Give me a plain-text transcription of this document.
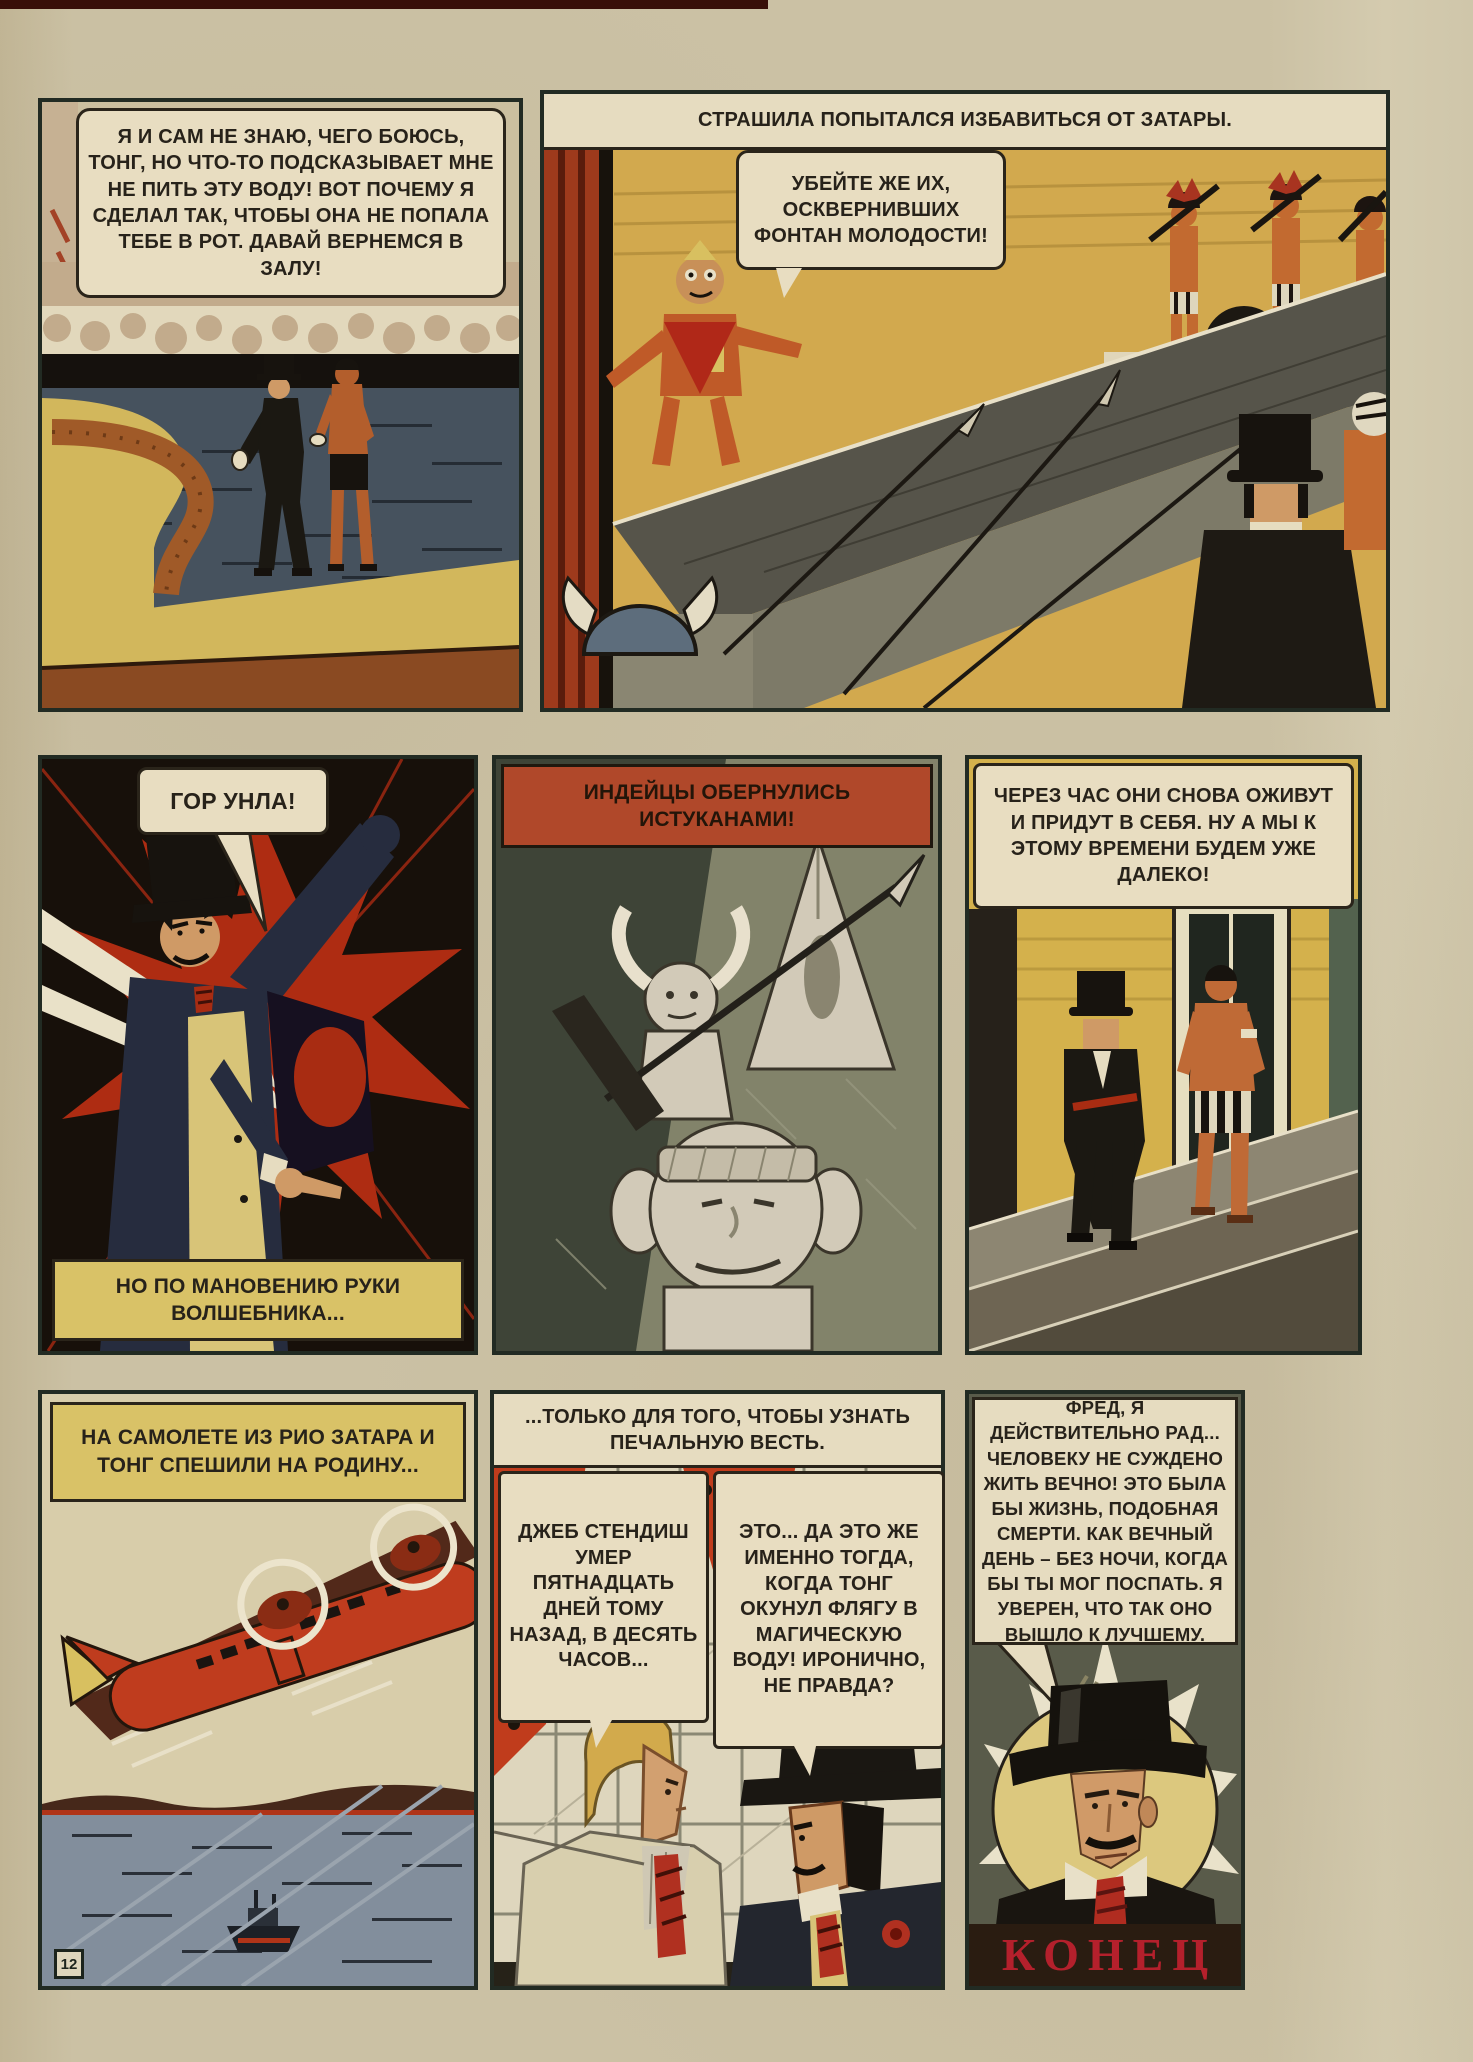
Я И САМ НЕ ЗНАЮ, ЧЕГО БОЮСЬ, ТОНГ, НО ЧТО-ТО ПОДСКАЗЫВАЕТ МНЕ НЕ ПИТЬ ЭТУ ВОДУ! ВОТ ПОЧЕМУ Я СДЕЛАЛ ТАК, ЧТОБЫ ОНА НЕ ПОПАЛА ТЕБЕ В РОТ. ДАВАЙ ВЕРНЕМСЯ В ЗАЛУ!
СТРАШИЛА ПОПЫТАЛСЯ ИЗБАВИТЬСЯ ОТ ЗАТАРЫ.
УБЕЙТЕ ЖЕ ИХ, ОСКВЕРНИВШИХ ФОНТАН МОЛОДОСТИ!
ГОР УНЛА!
НО ПО МАНОВЕНИЮ РУКИ ВОЛШЕБНИКА...
ИНДЕЙЦЫ ОБЕРНУЛИСЬ ИСТУКАНАМИ!
ЧЕРЕЗ ЧАС ОНИ СНОВА ОЖИВУТ И ПРИДУТ В СЕБЯ. НУ А МЫ К ЭТОМУ ВРЕМЕНИ БУДЕМ УЖЕ ДАЛЕКО!
НА САМОЛЕТЕ ИЗ РИО ЗАТАРА И ТОНГ СПЕШИЛИ НА РОДИНУ...
12
...ТОЛЬКО ДЛЯ ТОГО, ЧТОБЫ УЗНАТЬ ПЕЧАЛЬНУЮ ВЕСТЬ.
ДЖЕБ СТЕНДИШ УМЕР ПЯТНАДЦАТЬ ДНЕЙ ТОМУ НАЗАД, В ДЕСЯТЬ ЧАСОВ...
ЭТО... ДА ЭТО ЖЕ ИМЕННО ТОГДА, КОГДА ТОНГ ОКУНУЛ ФЛЯГУ В МАГИЧЕСКУЮ ВОДУ! ИРОНИЧНО, НЕ ПРАВДА?
ФРЕД, Я ДЕЙСТВИТЕЛЬНО РАД... ЧЕЛОВЕКУ НЕ СУЖДЕНО ЖИТЬ ВЕЧНО! ЭТО БЫЛА БЫ ЖИЗНЬ, ПОДОБНАЯ СМЕРТИ. КАК ВЕЧНЫЙ ДЕНЬ – БЕЗ НОЧИ, КОГДА БЫ ТЫ МОГ ПОСПАТЬ. Я УВЕРЕН, ЧТО ТАК ОНО ВЫШЛО К ЛУЧШЕМУ.
КОНЕЦ
